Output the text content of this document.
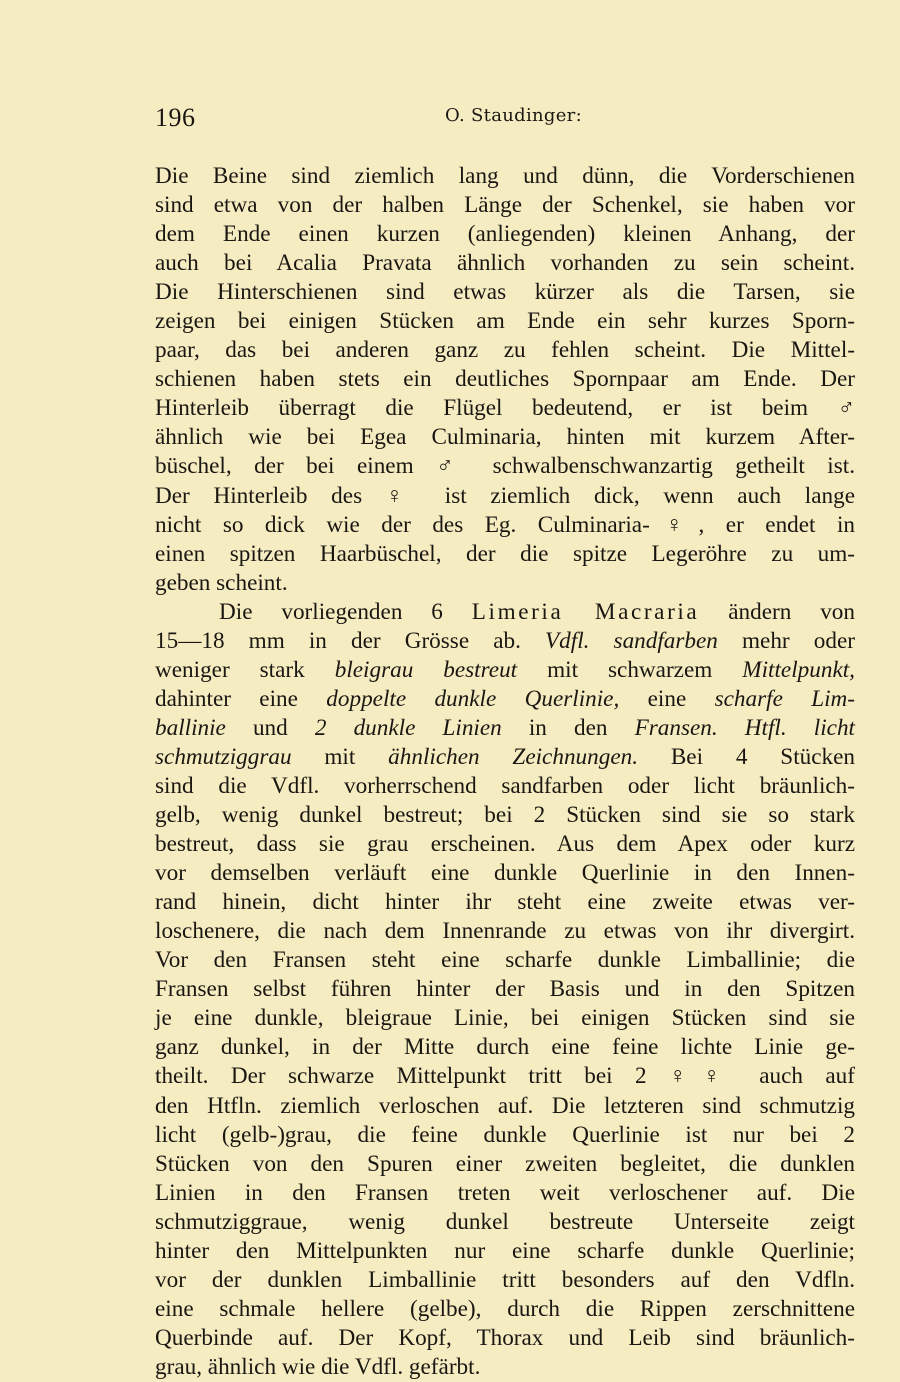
196	O. Staudinger:
Die Beine sind ziemlich lang und dünn, die Vorderschienen
sind etwa von der halben Länge der Schenkel, sie haben vor
dem Ende einen kurzen (anliegenden) kleinen Anhang, der
auch bei Acalia Pravata ähnlich vorhanden zu sein scheint.
Die Hinterschienen sind etwas kürzer als die Tarsen, sie
zeigen bei einigen Stücken am Ende ein sehr kurzes Sporn-
paar, das bei anderen ganz zu fehlen scheint. Die Mittel-
schienen haben stets ein deutliches Spornpaar am Ende. Der
Hinterleib überragt die Flügel bedeutend, er ist beim ♂
ähnlich wie bei Egea Culminaria, hinten mit kurzem After-
büschel, der bei einem ♂ schwalbenschwanzartig getheilt ist.
Der Hinterleib des ♀ ist ziemlich dick, wenn auch lange
nicht so dick wie der des Eg. Culminaria-♀, er endet in
einen spitzen Haarbüschel, der die spitze Legeröhre zu um-
geben scheint.
Die vorliegenden 6 Limeria Macraria ändern von
15—18 mm in der Grösse ab. Vdfl. sandfarben mehr oder
weniger stark bleigrau bestreut mit schwarzem Mittelpunkt,
dahinter eine doppelte dunkle Querlinie, eine scharfe Lim-
ballinie und 2 dunkle Linien in den Fransen. Htfl. licht
schmutziggrau mit ähnlichen Zeichnungen. Bei 4 Stücken
sind die Vdfl. vorherrschend sandfarben oder licht bräunlich-
gelb, wenig dunkel bestreut; bei 2 Stücken sind sie so stark
bestreut, dass sie grau erscheinen. Aus dem Apex oder kurz
vor demselben verläuft eine dunkle Querlinie in den Innen-
rand hinein, dicht hinter ihr steht eine zweite etwas ver-
loschenere, die nach dem Innenrande zu etwas von ihr divergirt.
Vor den Fransen steht eine scharfe dunkle Limballinie; die
Fransen selbst führen hinter der Basis und in den Spitzen
je eine dunkle, bleigraue Linie, bei einigen Stücken sind sie
ganz dunkel, in der Mitte durch eine feine lichte Linie ge-
theilt. Der schwarze Mittelpunkt tritt bei 2 ♀♀ auch auf
den Htfln. ziemlich verloschen auf. Die letzteren sind schmutzig
licht (gelb-)grau, die feine dunkle Querlinie ist nur bei 2
Stücken von den Spuren einer zweiten begleitet, die dunklen
Linien in den Fransen treten weit verloschener auf. Die
schmutziggraue, wenig dunkel bestreute Unterseite zeigt
hinter den Mittelpunkten nur eine scharfe dunkle Querlinie;
vor der dunklen Limballinie tritt besonders auf den Vdfln.
eine schmale hellere (gelbe), durch die Rippen zerschnittene
Querbinde auf. Der Kopf, Thorax und Leib sind bräunlich-
grau, ähnlich wie die Vdfl. gefärbt.
